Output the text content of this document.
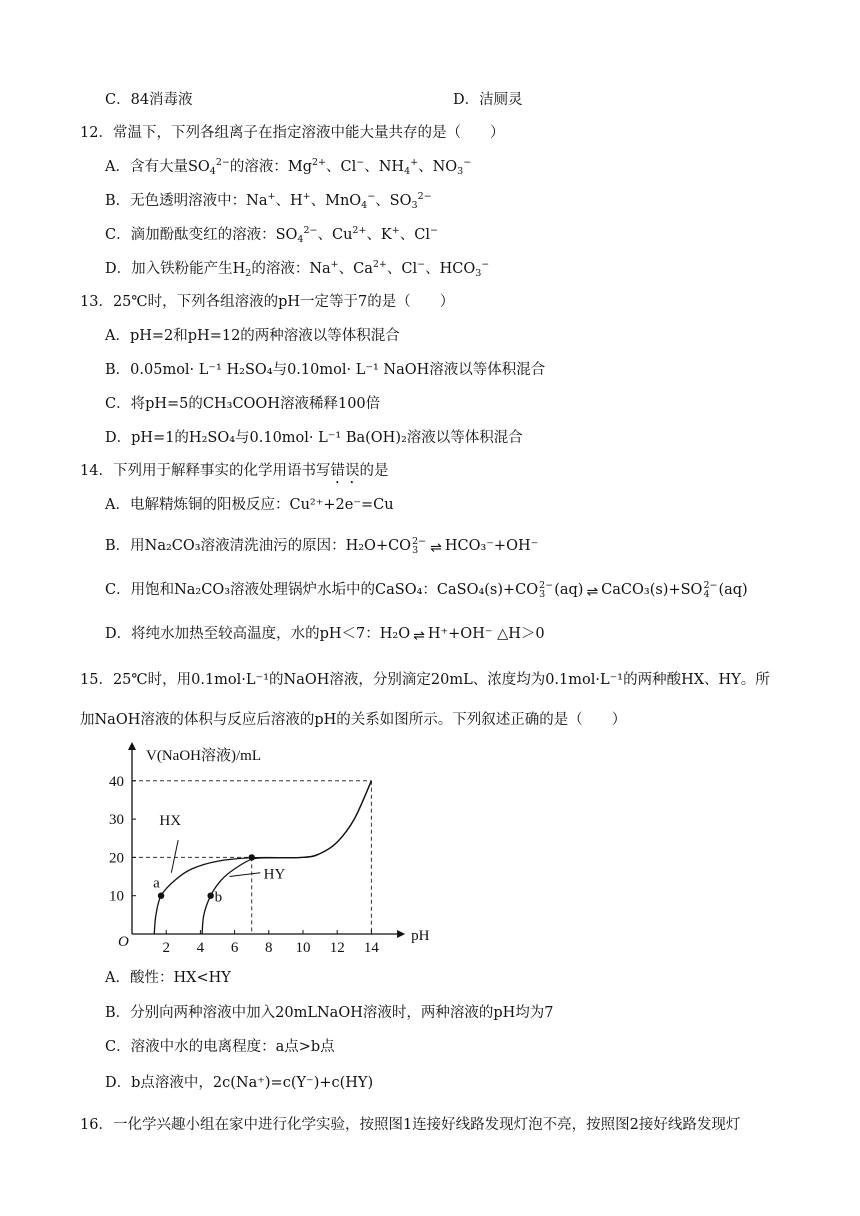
C．84消毒液	D．洁厕灵
12．常温下，下列各组离子在指定溶液中能大量共存的是（　　）
A．含有大量$SO_4^{2-}$的溶液：$Mg^{2+}$、Cl−、$NH_4^+$、$NO_3^-$
B．无色透明溶液中：Na+、H+、MnO$_4$−、$SO_3^{2-}$
C．滴加酚酞变红的溶液：$SO_4^{2-}$、$Cu^{2+}$、K+、Cl−
D．加入铁粉能产生$H_2$的溶液：Na+、$Ca^{2+}$、Cl−、$HCO_3^-$
13．25℃时，下列各组溶液的pH一定等于7的是（　　）
A．pH=2和pH=12的两种溶液以等体积混合
B．0.05mol· L⁻¹ H₂SO₄与0.10mol· L⁻¹ NaOH溶液以等体积混合
C．将pH=5的CH₃COOH溶液稀释100倍
D．pH=1的H₂SO₄与0.10mol· L⁻¹ Ba(OH)₂溶液以等体积混合
14．下列用于解释事实的化学用语书写错误的是
A．电解精炼铜的阳极反应：Cu²⁺+2e⁻=Cu
B．用Na₂CO₃溶液清洗油污的原因：H₂O+CO 2−
3 ⇌ HCO₃⁻+OH⁻
C．用饱和Na₂CO₃溶液处理锅炉水垢中的CaSO₄：CaSO₄(s)+CO 2−
3 (aq) ⇌ CaCO₃(s)+SO 2−
4 (aq)
D．将纯水加热至较高温度，水的pH＜7：H₂O ⇌ H⁺+OH⁻ △H＞0
15．25℃时，用0.1mol·L⁻¹的NaOH溶液，分别滴定20mL、浓度均为0.1mol·L⁻¹的两种酸HX、HY。所
加NaOH溶液的体积与反应后溶液的pH的关系如图所示。下列叙述正确的是（　　）
2 4 6 8 10 12 14
10
20
30
40
O	pH
V(NaOH溶液)/mL
HX
HY
a
b
A．酸性：HX<HY
B．分别向两种溶液中加入20mLNaOH溶液时，两种溶液的pH均为7
C．溶液中水的电离程度：a点>b点
D．b点溶液中，2c(Na⁺)=c(Y⁻)+c(HY)
16．一化学兴趣小组在家中进行化学实验，按照图1连接好线路发现灯泡不亮，按照图2接好线路发现灯
